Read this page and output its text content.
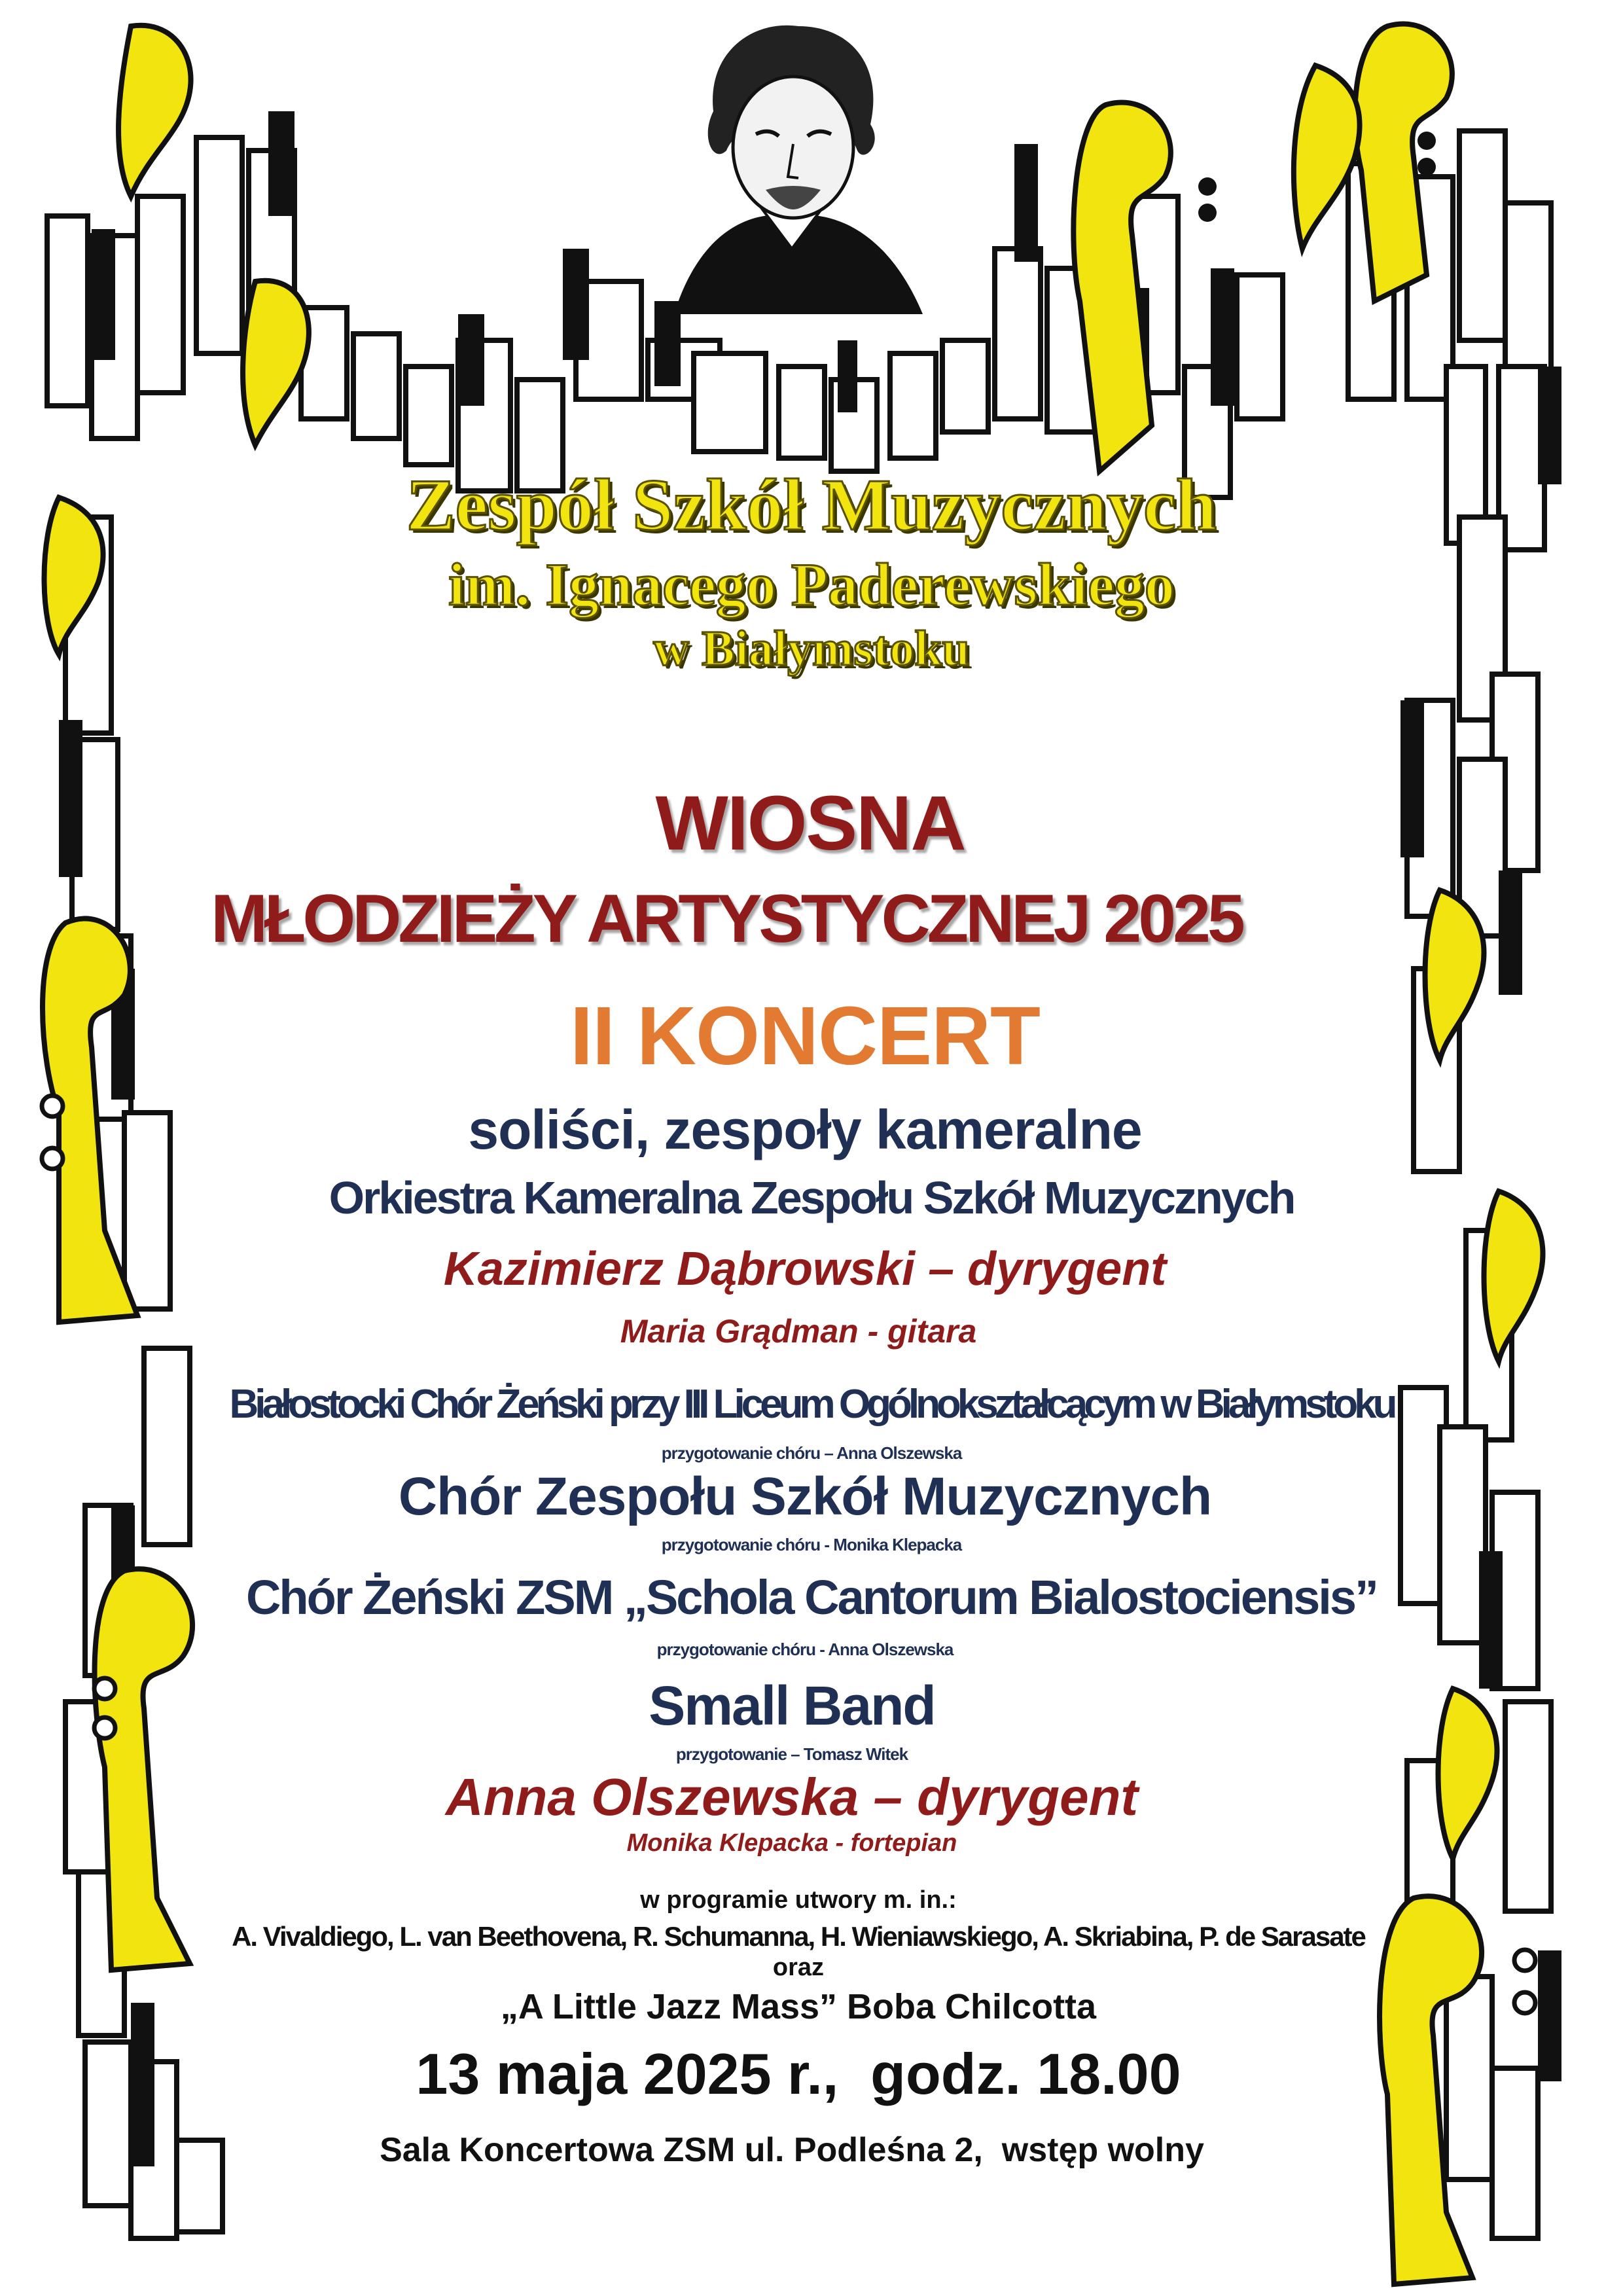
Zespół Szkół Muzycznych
im. Ignacego Paderewskiego
w Białymstoku
WIOSNA
MŁODZIEŻY ARTYSTYCZNEJ 2025
II KONCERT
soliści, zespoły kameralne
Orkiestra Kameralna Zespołu Szkół Muzycznych
Kazimierz Dąbrowski – dyrygent
Maria Grądman - gitara
Białostocki Chór Żeński przy III Liceum Ogólnokształcącym w Białymstoku
przygotowanie chóru – Anna Olszewska
Chór Zespołu Szkół Muzycznych
przygotowanie chóru - Monika Klepacka
Chór Żeński ZSM „Schola Cantorum Bialostociensis”
przygotowanie chóru - Anna Olszewska
Small Band
przygotowanie – Tomasz Witek
Anna Olszewska – dyrygent
Monika Klepacka - fortepian
w programie utwory m. in.:
A. Vivaldiego, L. van Beethovena, R. Schumanna, H. Wieniawskiego, A. Skriabina, P. de Sarasate
oraz
„A Little Jazz Mass” Boba Chilcotta
13 maja 2025 r.,  godz. 18.00
Sala Koncertowa ZSM ul. Podleśna 2,  wstęp wolny
